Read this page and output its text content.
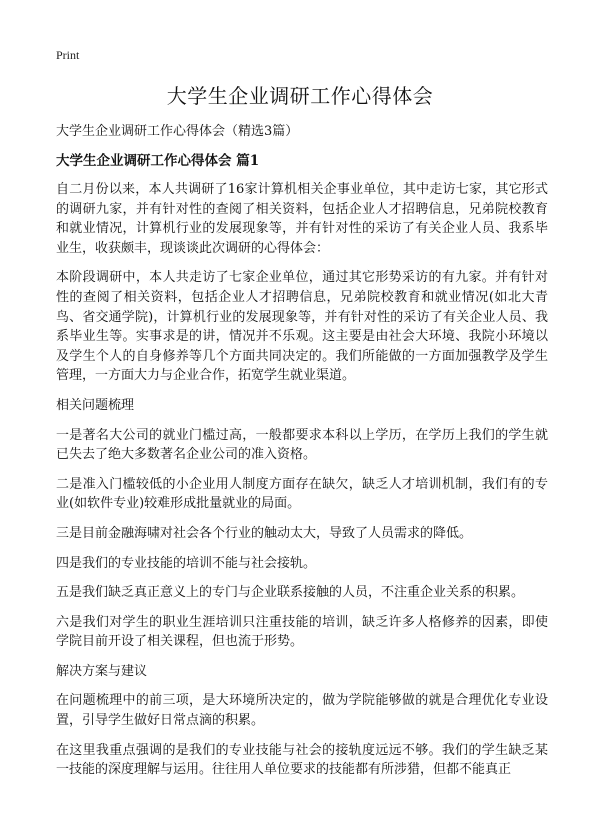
Print
大学生企业调研工作心得体会

大学生企业调研工作心得体会（精选3篇）

大学生企业调研工作心得体会 篇1

自二月份以来，本人共调研了16家计算机相关企事业单位，其中走访七家，其它形式的调研九家，并有针对性的查阅了相关资料，包括企业人才招聘信息，兄弟院校教育和就业情况，计算机行业的发展现象等，并有针对性的采访了有关企业人员、我系毕业生，收获颇丰，现谈谈此次调研的心得体会：

本阶段调研中，本人共走访了七家企业单位，通过其它形势采访的有九家。并有针对性的查阅了相关资料，包括企业人才招聘信息，兄弟院校教育和就业情况(如北大青鸟、省交通学院)，计算机行业的发展现象等，并有针对性的采访了有关企业人员、我系毕业生等。实事求是的讲，情况并不乐观。这主要是由社会大环境、我院小环境以及学生个人的自身修养等几个方面共同决定的。我们所能做的一方面加强教学及学生管理，一方面大力与企业合作，拓宽学生就业渠道。

相关问题梳理

一是著名大公司的就业门槛过高，一般都要求本科以上学历，在学历上我们的学生就已失去了绝大多数著名企业公司的准入资格。

二是准入门槛较低的小企业用人制度方面存在缺欠，缺乏人才培训机制，我们有的专业(如软件专业)较难形成批量就业的局面。

三是目前金融海啸对社会各个行业的触动太大，导致了人员需求的降低。

四是我们的专业技能的培训不能与社会接轨。

五是我们缺乏真正意义上的专门与企业联系接触的人员，不注重企业关系的积累。

六是我们对学生的职业生涯培训只注重技能的培训，缺乏许多人格修养的因素，即使学院目前开设了相关课程，但也流于形势。

解决方案与建议

在问题梳理中的前三项，是大环境所决定的，做为学院能够做的就是合理优化专业设置，引导学生做好日常点滴的积累。

在这里我重点强调的是我们的专业技能与社会的接轨度远远不够。我们的学生缺乏某一技能的深度理解与运用。往往用人单位要求的技能都有所涉猎，但都不能真正
